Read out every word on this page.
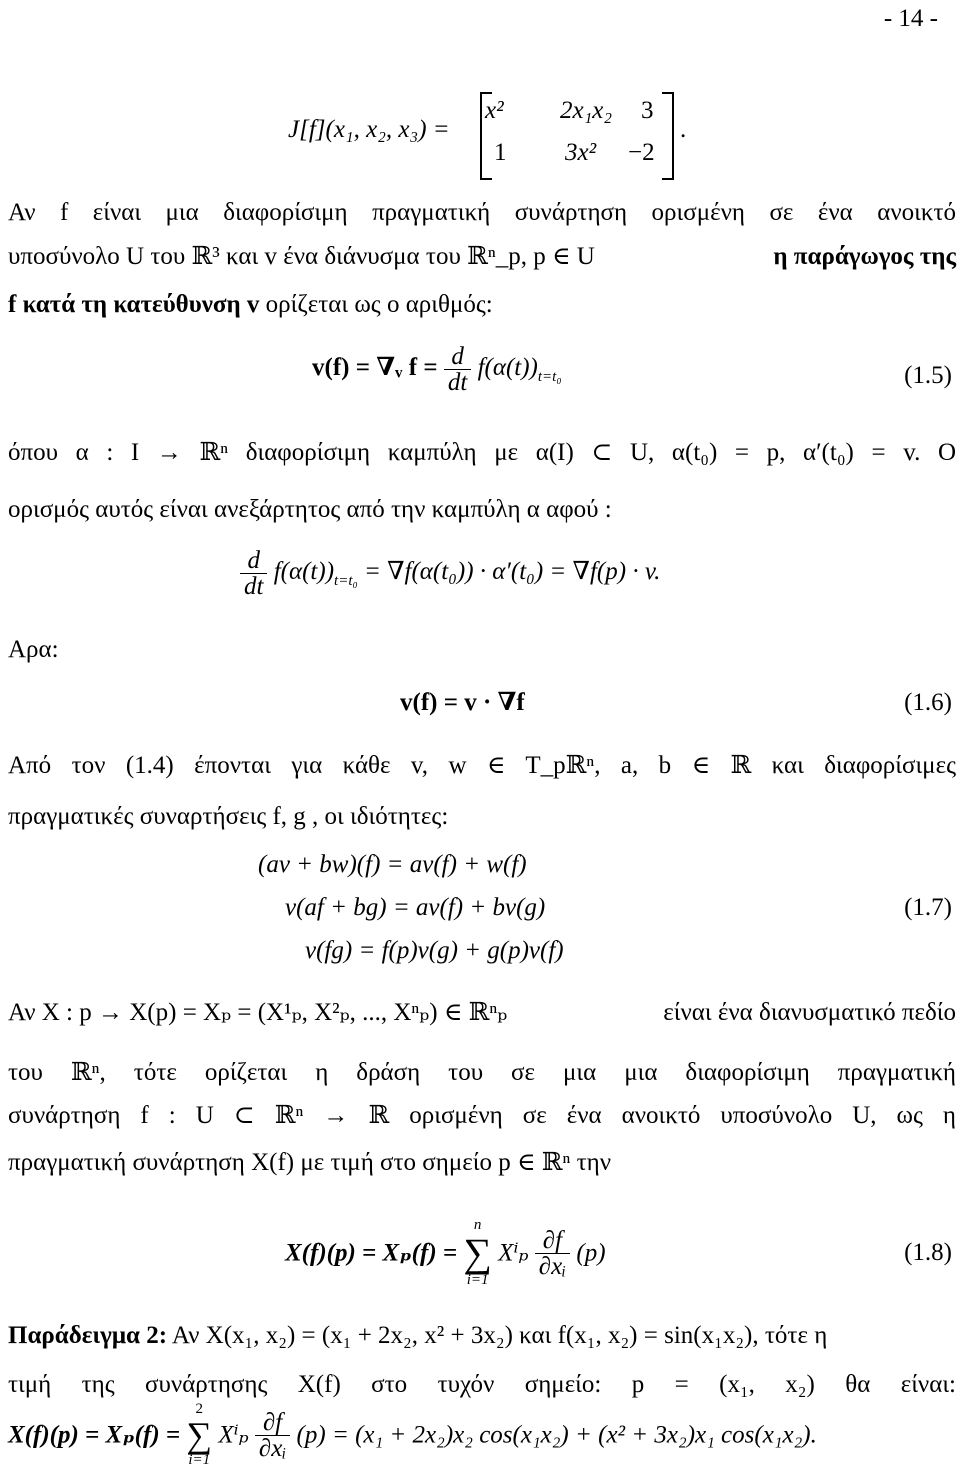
- 14 -
J[f](x₁, x₂, x₃) =
x² 2x₁x₂ 3
1 3x² −2
.
Αν f είναι μια διαφορίσιμη πραγματική συνάρτηση ορισμένη σε ένα ανοικτό
υποσύνολο U του ℝ³ και v ένα διάνυσμα του ℝⁿ_p, p ∈ U	η παράγωγος της
f κατά τη κατεύθυνση v ορίζεται ως ο αριθμός:
v(f) = ∇ᵥ $f = \frac{d}{dt} f(\alpha(t))_{t=t_0}$	(1.5)
όπου α : I → ℝⁿ διαφορίσιμη καμπύλη με α(I) ⊂ U, α(t₀) = p, α′(t₀) = v. Ο
ορισμός αυτός είναι ανεξάρτητος από την καμπύλη α αφού :
$\frac{d}{dt} f(\alpha(t))_{t=t_0} = \nabla f(\alpha(t_0)) \cdot \alpha'(t_0) = \nabla f(p) \cdot v$.
Αρα:
v(f) = v · ∇f	(1.6)
Από τον (1.4) έπονται για κάθε v, w ∈ T_pℝⁿ, a, b ∈ ℝ και διαφορίσιμες
πραγματικές συναρτήσεις f, g , οι ιδιότητες:
(av + bw)(f) = av(f) + w(f)
v(af + bg) = av(f) + bv(g)
v(fg) = f(p)v(g) + g(p)v(f)
(1.7)
Αν X : p → X(p) = Xₚ = (X¹ₚ, X²ₚ, ..., Xⁿₚ) ∈ ℝⁿₚ	είναι ένα διανυσματικό πεδίο
του ℝⁿ, τότε ορίζεται η δράση του σε μια μια διαφορίσιμη πραγματική
συνάρτηση f : U ⊂ ℝⁿ → ℝ ορισμένη σε ένα ανοικτό υποσύνολο U, ως η
πραγματική συνάρτηση X(f) με τιμή στο σημείο p ∈ ℝⁿ την
X(f)(p) = Xₚ(f) =
n
∑
i=1
Xⁱₚ $\frac{\partial f}{\text{∂xᵢ}} (p)$	(1.8)
Παράδειγμα 2: Αν X(x₁, x₂) = (x₁ + 2x₂, x² + 3x₂) και f(x₁, x₂) = sin(x₁x₂), τότε η
τιμή της συνάρτησης X(f) στο τυχόν σημείο: p = (x₁, x₂) θα είναι:
X(f)(p) = Xₚ(f) =
2
∑
i=1
Xⁱₚ $\frac{\partial f}{\text{∂xᵢ}} (p) = (x_1 + 2x_2)x_2$ cos(x₁x₂) + (x² + 3x₂)x₁ cos(x₁x₂).
